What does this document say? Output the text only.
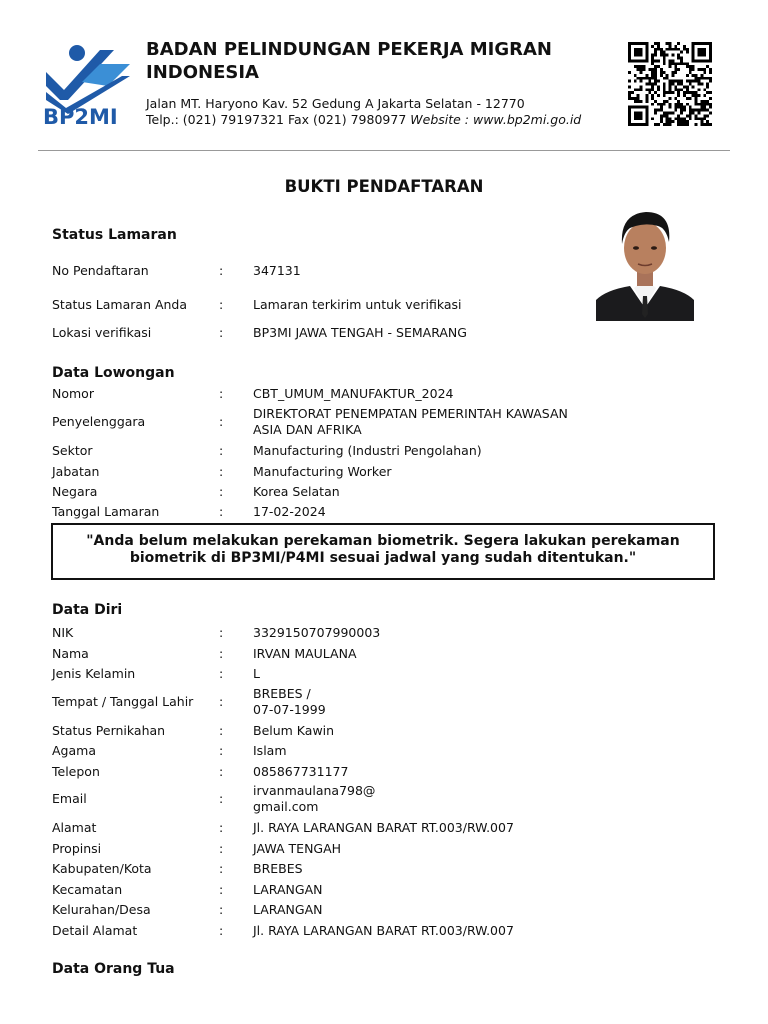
BP2MI
BADAN PELINDUNGAN PEKERJA MIGRAN INDONESIA
Jalan MT. Haryono Kav. 52 Gedung A Jakarta Selatan - 12770
Telp.: (021) 79197321 Fax (021) 7980977 Website : www.bp2mi.go.id
BUKTI PENDAFTARAN
Status Lamaran
No Pendaftaran	: 347131
Status Lamaran Anda	: Lamaran terkirim untuk verifikasi
Lokasi verifikasi	: BP3MI JAWA TENGAH - SEMARANG
Data Lowongan
Nomor	: CBT_UMUM_MANUFAKTUR_2024
Penyelenggara	:
DIREKTORAT PENEMPATAN PEMERINTAH KAWASAN
ASIA DAN AFRIKA
Sektor	: Manufacturing (Industri Pengolahan)
Jabatan	: Manufacturing Worker
Negara	: Korea Selatan
Tanggal Lamaran	: 17-02-2024
"Anda belum melakukan perekaman biometrik. Segera lakukan perekaman
biometrik di BP3MI/P4MI sesuai jadwal yang sudah ditentukan."
Data Diri
NIK	: 3329150707990003
Nama	: IRVAN MAULANA
Jenis Kelamin	: L
Tempat / Tanggal Lahir :
BREBES /
07-07-1999
Status Pernikahan	: Belum Kawin
Agama	: Islam
Telepon	: 085867731177
Email	:
irvanmaulana798@
gmail.com
Alamat	: Jl. RAYA LARANGAN BARAT RT.003/RW.007
Propinsi	: JAWA TENGAH
Kabupaten/Kota	: BREBES
Kecamatan	: LARANGAN
Kelurahan/Desa	: LARANGAN
Detail Alamat	: Jl. RAYA LARANGAN BARAT RT.003/RW.007
Data Orang Tua
